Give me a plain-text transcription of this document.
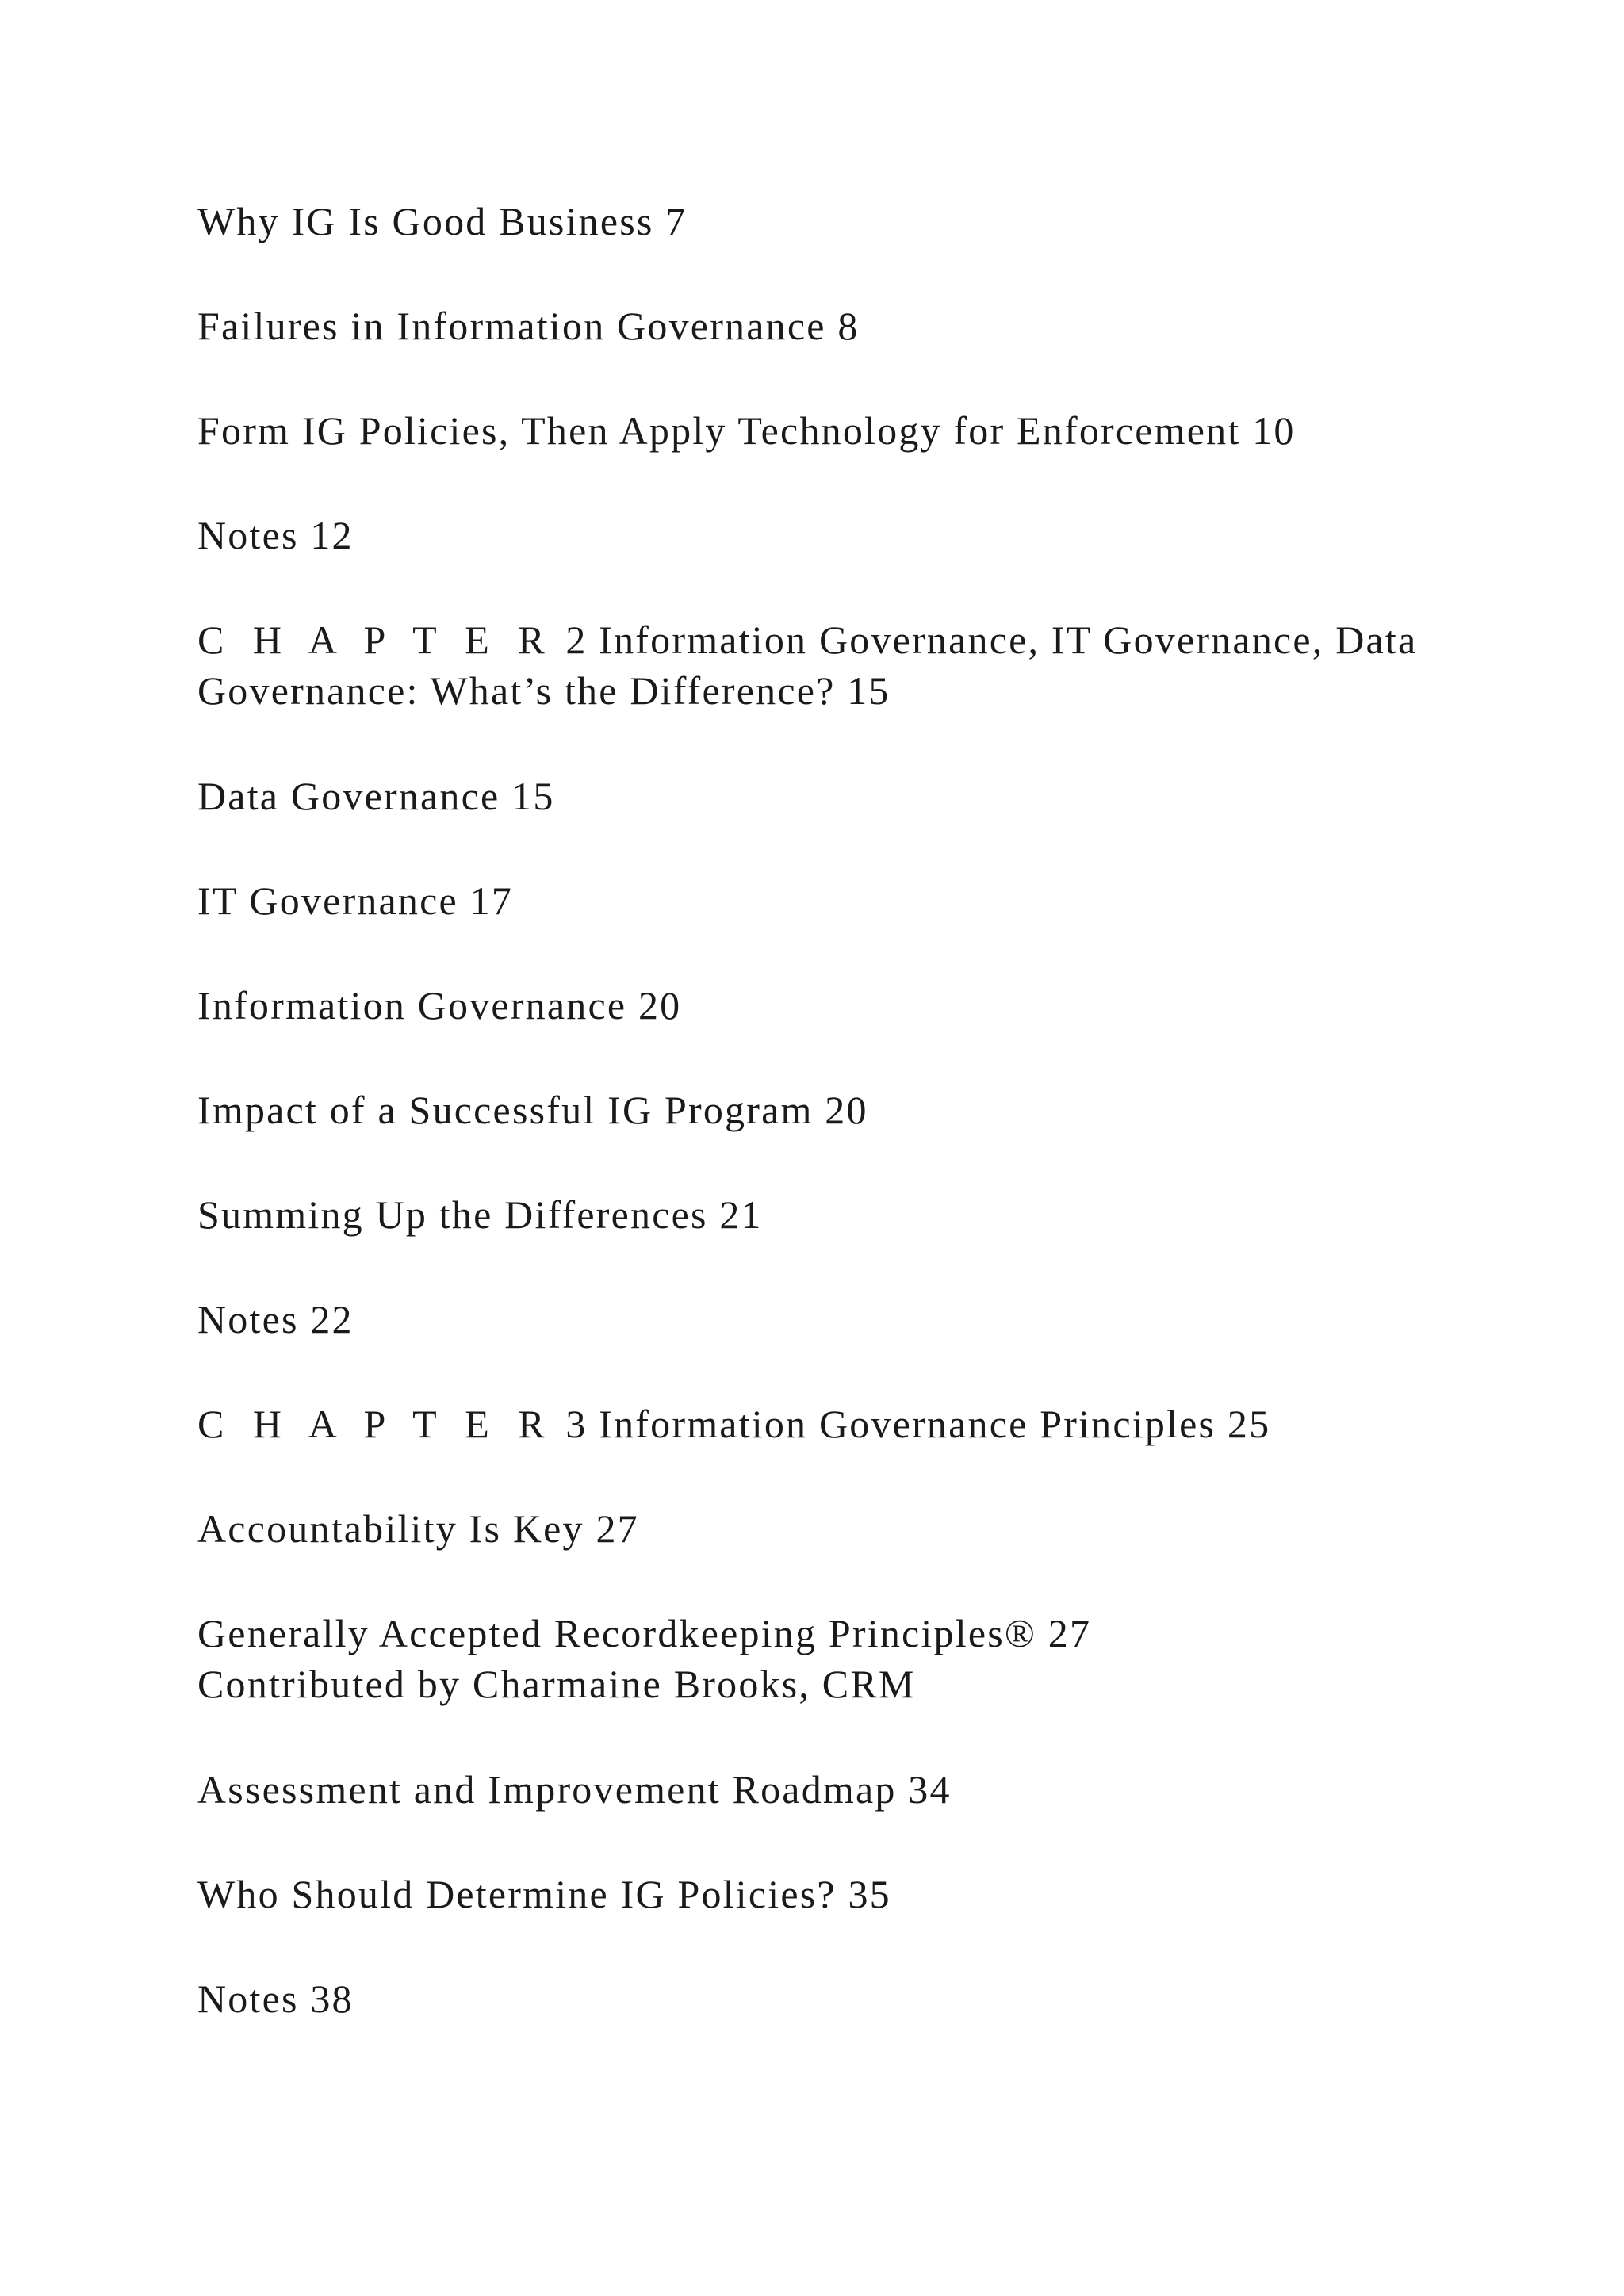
Why IG Is Good Business 7
Failures in Information Governance 8
Form IG Policies, Then Apply Technology for Enforcement 10
Notes 12
C H A P T E R 2 Information Governance, IT Governance, Data
Governance: What’s the Difference? 15
Data Governance 15
IT Governance 17
Information Governance 20
Impact of a Successful IG Program 20
Summing Up the Differences 21
Notes 22
C H A P T E R 3 Information Governance Principles 25
Accountability Is Key 27
Generally Accepted Recordkeeping Principles® 27
Contributed by Charmaine Brooks, CRM
Assessment and Improvement Roadmap 34
Who Should Determine IG Policies? 35
Notes 38
